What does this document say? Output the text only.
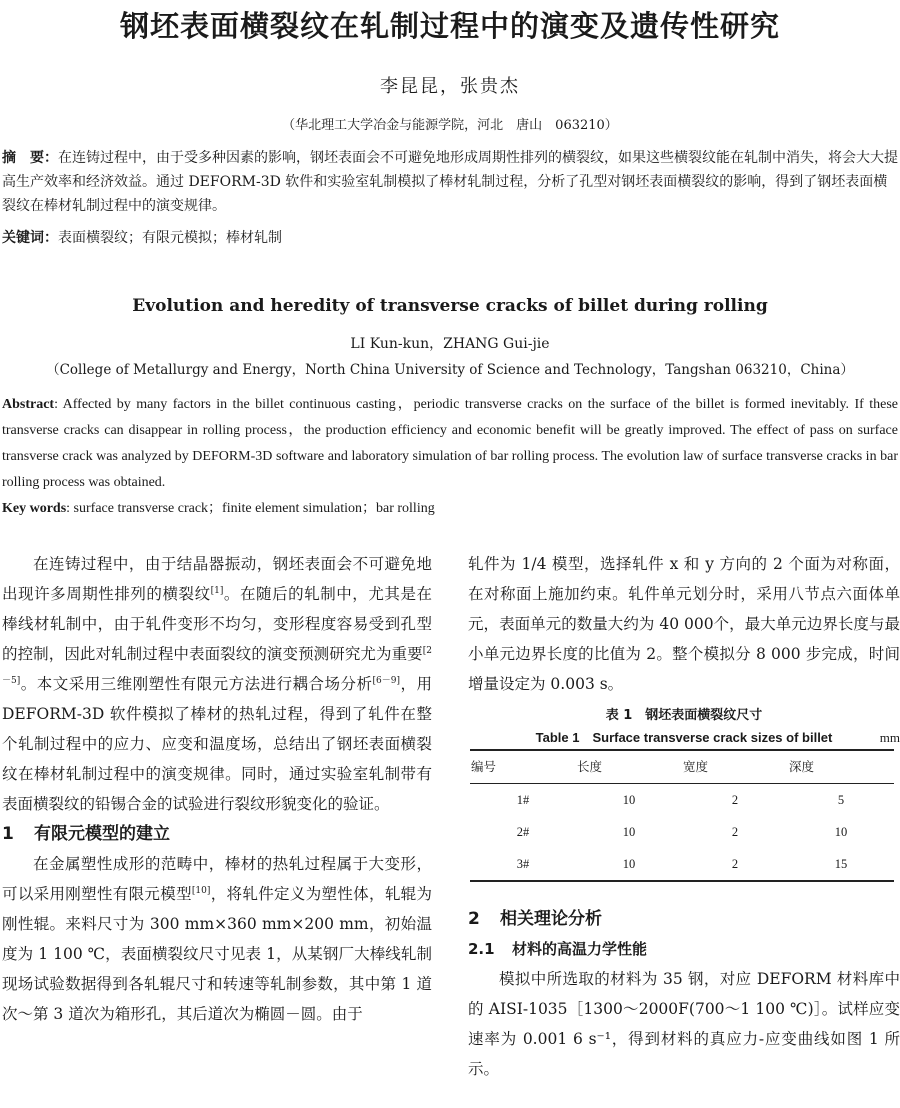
钢坯表面横裂纹在轧制过程中的演变及遗传性研究
李昆昆，张贵杰
（华北理工大学冶金与能源学院，河北　唐山　063210）
摘　要：在连铸过程中，由于受多种因素的影响，钢坯表面会不可避免地形成周期性排列的横裂纹，如果这些横裂纹能在轧制中消失，将会大大提高生产效率和经济效益。通过 DEFORM-3D 软件和实验室轧制模拟了棒材轧制过程，分析了孔型对钢坯表面横裂纹的影响，得到了钢坯表面横裂纹在棒材轧制过程中的演变规律。
关键词：表面横裂纹；有限元模拟；棒材轧制
Evolution and heredity of transverse cracks of billet during rolling
LI Kun-kun，ZHANG Gui-jie
（College of Metallurgy and Energy，North China University of Science and Technology，Tangshan 063210，China）
Abstract: Affected by many factors in the billet continuous casting，periodic transverse cracks on the surface of the billet is formed inevitably. If these transverse cracks can disappear in rolling process，the production efficiency and economic benefit will be greatly improved. The effect of pass on surface transverse crack was analyzed by DEFORM-3D software and laboratory simulation of bar rolling process. The evolution law of surface transverse cracks in bar rolling process was obtained.
Key words: surface transverse crack；finite element simulation；bar rolling

在连铸过程中，由于结晶器振动，钢坯表面会不可避免地出现许多周期性排列的横裂纹[1]。在随后的轧制中，尤其是在棒线材轧制中，由于轧件变形不均匀，变形程度容易受到孔型的控制，因此对轧制过程中表面裂纹的演变预测研究尤为重要[2－5]。本文采用三维刚塑性有限元方法进行耦合场分析[6－9]，用 DEFORM-3D 软件模拟了棒材的热轧过程，得到了轧件在整个轧制过程中的应力、应变和温度场，总结出了钢坯表面横裂纹在棒材轧制过程中的演变规律。同时，通过实验室轧制带有表面横裂纹的铅锡合金的试验进行裂纹形貌变化的验证。

1 有限元模型的建立

在金属塑性成形的范畴中，棒材的热轧过程属于大变形，可以采用刚塑性有限元模型[10]，将轧件定义为塑性体，轧辊为刚性辊。来料尺寸为 300 mm×360 mm×200 mm，初始温度为 1 100 ℃，表面横裂纹尺寸见表 1，从某钢厂大棒线轧制现场试验数据得到各轧辊尺寸和转速等轧制参数，其中第 1 道次～第 3 道次为箱形孔，其后道次为椭圆－圆。由于

轧件为 1/4 模型，选择轧件 x 和 y 方向的 2 个面为对称面，在对称面上施加约束。轧件单元划分时，采用八节点六面体单元，表面单元的数量大约为 40 000个，最大单元边界长度与最小单元边界长度的比值为 2。整个模拟分 8 000 步完成，时间增量设定为 0.003 s。

表 1　钢坯表面横裂纹尺寸
Table 1　Surface transverse crack sizes of billet	mm
编号	长度	宽度	深度
1#	10	2	5
2#	10	2	10
3#	10	2	15
2 相关理论分析
2.1 材料的高温力学性能

模拟中所选取的材料为 35 钢，对应 DEFORM 材料库中的 AISI-1035［1300～2000F(700～1 100 ℃)］。试样应变速率为 0.001 6 s⁻¹，得到材料的真应力-应变曲线如图 1 所示。
